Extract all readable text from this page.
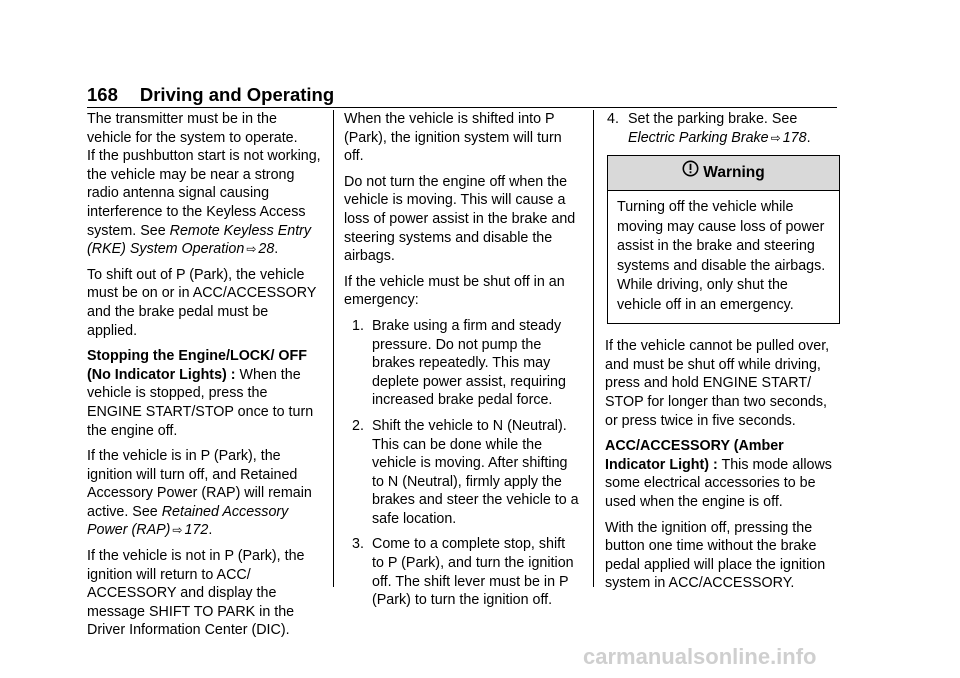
168 Driving and Operating

The transmitter must be in the vehicle for the system to operate.

If the pushbutton start is not working, the vehicle may be near a strong radio antenna signal causing interference to the Keyless Access system. See Remote Keyless Entry (RKE) System Operation ⇨ 28.

To shift out of P (Park), the vehicle must be on or in ACC/ACCESSORY and the brake pedal must be applied.

Stopping the Engine/LOCK/ OFF (No Indicator Lights) : When the vehicle is stopped, press the ENGINE START/STOP once to turn the engine off.

If the vehicle is in P (Park), the ignition will turn off, and Retained Accessory Power (RAP) will remain active. See Retained Accessory Power (RAP) ⇨ 172.

If the vehicle is not in P (Park), the ignition will return to ACC/ ACCESSORY and display the message SHIFT TO PARK in the Driver Information Center (DIC).

When the vehicle is shifted into P (Park), the ignition system will turn off.

Do not turn the engine off when the vehicle is moving. This will cause a loss of power assist in the brake and steering systems and disable the airbags.

If the vehicle must be shut off in an emergency:

1. Brake using a firm and steady pressure. Do not pump the brakes repeatedly. This may deplete power assist, requiring increased brake pedal force.
2. Shift the vehicle to N (Neutral). This can be done while the vehicle is moving. After shifting to N (Neutral), firmly apply the brakes and steer the vehicle to a safe location.
3. Come to a complete stop, shift to P (Park), and turn the ignition off. The shift lever must be in P (Park) to turn the ignition off.
4. Set the parking brake. See Electric Parking Brake ⇨ 178.
Warning
Turning off the vehicle while moving may cause loss of power assist in the brake and steering systems and disable the airbags. While driving, only shut the vehicle off in an emergency.

If the vehicle cannot be pulled over, and must be shut off while driving, press and hold ENGINE START/ STOP for longer than two seconds, or press twice in five seconds.

ACC/ACCESSORY (Amber Indicator Light) : This mode allows some electrical accessories to be used when the engine is off.

With the ignition off, pressing the button one time without the brake pedal applied will place the ignition system in ACC/ACCESSORY.

carmanualsonline.info
